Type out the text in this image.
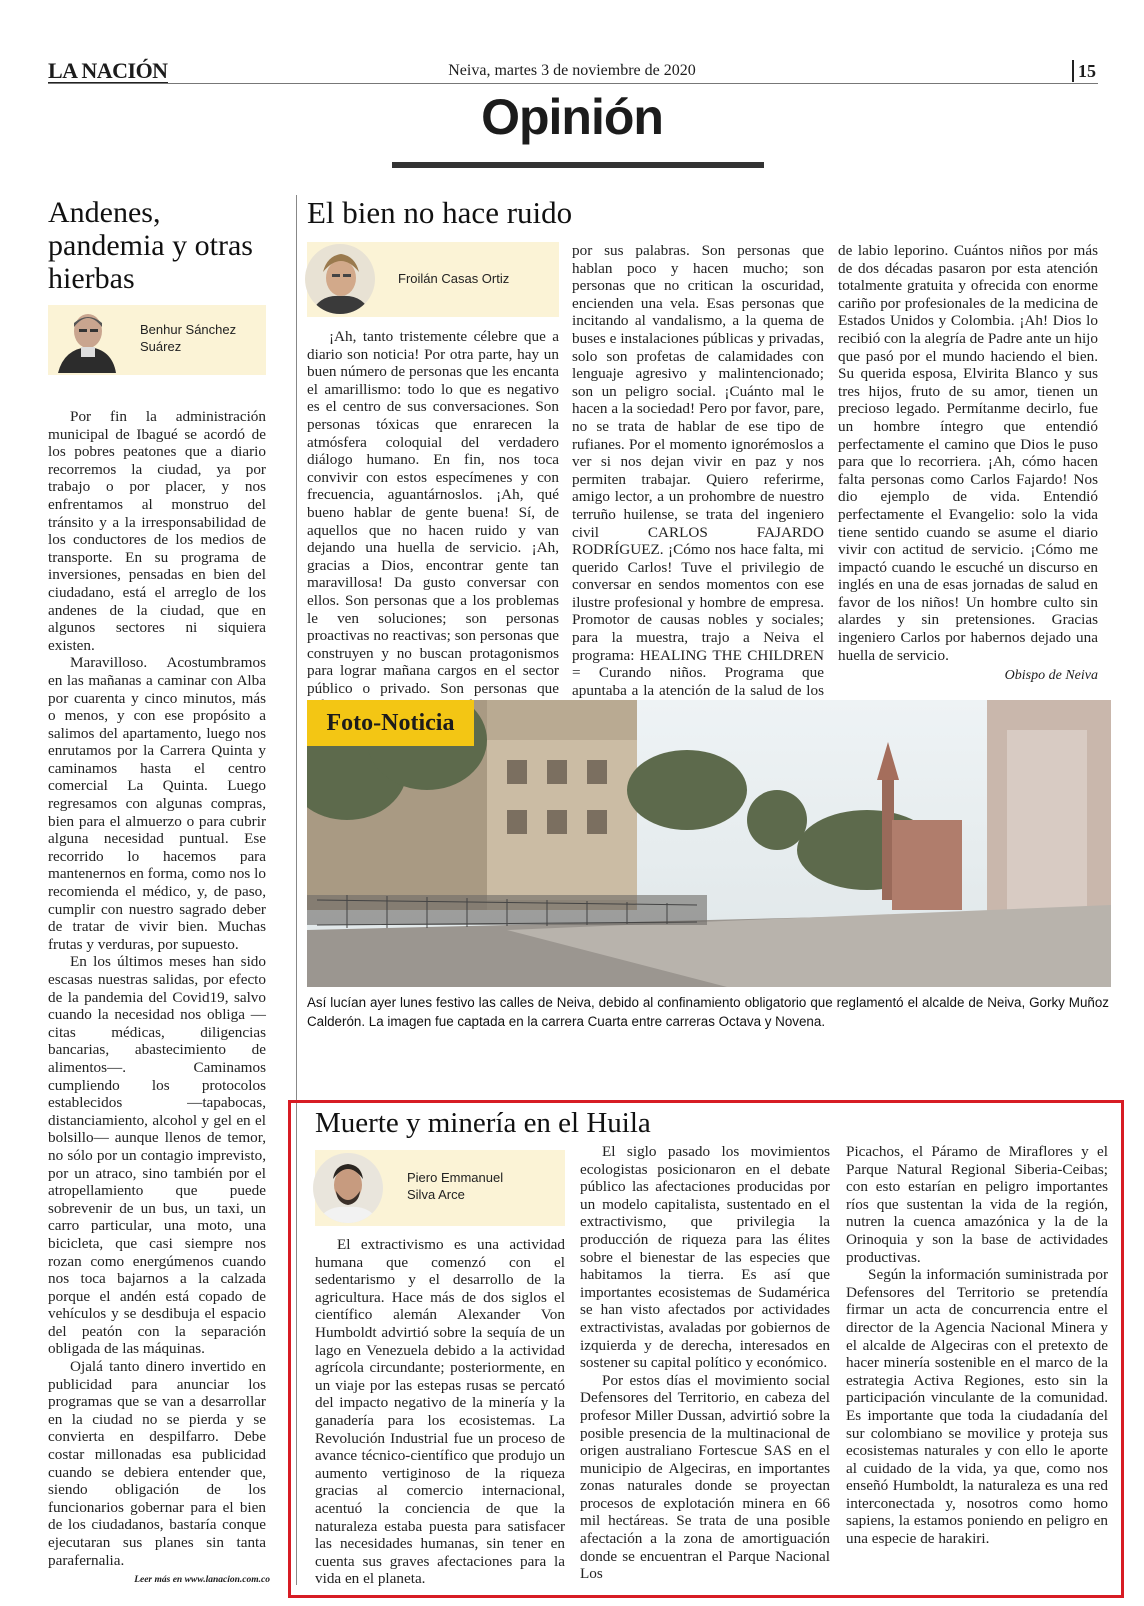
LA NACIÓN	Neiva, martes 3 de noviembre de 2020	15
Opinión
Andenes, pandemia y otras hierbas
Benhur Sánchez Suárez

Por fin la administración municipal de Ibagué se acordó de los pobres peatones que a diario recorremos la ciudad, ya por trabajo o por placer, y nos enfrentamos al monstruo del tránsito y a la irresponsabilidad de los conductores de los medios de transporte. En su programa de inversiones, pensadas en bien del ciudadano, está el arreglo de los andenes de la ciudad, que en algunos sectores ni siquiera existen.

Maravilloso. Acostumbramos en las mañanas a caminar con Alba por cuarenta y cinco minutos, más o menos, y con ese propósito a salimos del apartamento, luego nos enrutamos por la Carrera Quinta y caminamos hasta el centro comercial La Quinta. Luego regresamos con algunas compras, bien para el almuerzo o para cubrir alguna necesidad puntual. Ese recorrido lo hacemos para mantenernos en forma, como nos lo recomienda el médico, y, de paso, cumplir con nuestro sagrado deber de tratar de vivir bien. Muchas frutas y verduras, por supuesto.

En los últimos meses han sido escasas nuestras salidas, por efecto de la pandemia del Covid19, salvo cuando la necesidad nos obliga —citas médicas, diligencias bancarias, abastecimiento de alimentos—. Caminamos cumpliendo los protocolos establecidos —tapabocas, distanciamiento, alcohol y gel en el bolsillo— aunque llenos de temor, no sólo por un contagio imprevisto, por un atraco, sino también por el atropellamiento que puede sobrevenir de un bus, un taxi, un carro particular, una moto, una bicicleta, que casi siempre nos rozan como energúmenos cuando nos toca bajarnos a la calzada porque el andén está copado de vehículos y se desdibuja el espacio del peatón con la separación obligada de las máquinas.

Ojalá tanto dinero invertido en publicidad para anunciar los programas que se van a desarrollar en la ciudad no se pierda y se convierta en despilfarro. Debe costar millonadas esa publicidad cuando se debiera entender que, siendo obligación de los funcionarios gobernar para el bien de los ciudadanos, bastaría conque ejecutaran sus planes sin tanta parafernalia.

Leer más en www.lanacion.com.co
El bien no hace ruido
Froilán Casas Ortiz

¡Ah, tanto tristemente célebre que a diario son noticia! Por otra parte, hay un buen número de personas que les encanta el amarillismo: todo lo que es negativo es el centro de sus conversaciones. Son personas tóxicas que enrarecen la atmósfera coloquial del verdadero diálogo humano. En fin, nos toca convivir con estos especímenes y con frecuencia, aguantárnoslos. ¡Ah, qué bueno hablar de gente buena! Sí, de aquellos que no hacen ruido y van dejando una huella de servicio. ¡Ah, gracias a Dios, encontrar gente tan maravillosa! Da gusto conversar con ellos. Son personas que a los problemas le ven soluciones; son personas proactivas no reactivas; son personas que construyen y no buscan protagonismos para lograr mañana cargos en el sector público o privado. Son personas que

por sus palabras. Son personas que hablan poco y hacen mucho; son personas que no critican la oscuridad, encienden una vela. Esas personas que incitando al vandalismo, a la quema de buses e instalaciones públicas y privadas, solo son profetas de calamidades con lenguaje agresivo y malintencionado; son un peligro social. ¡Cuánto mal le hacen a la sociedad! Pero por favor, pare, no se trata de hablar de ese tipo de rufianes. Por el momento ignorémoslos a ver si nos dejan vivir en paz y nos permiten trabajar. Quiero referirme, amigo lector, a un prohombre de nuestro terruño huilense, se trata del ingeniero civil CARLOS FAJARDO RODRÍGUEZ. ¡Cómo nos hace falta, mi querido Carlos! Tuve el privilegio de conversar en sendos momentos con ese ilustre profesional y hombre de empresa. Promotor de causas nobles y sociales; para la muestra, trajo a Neiva el programa: HEALING THE CHILDREN = Curando niños. Programa que apuntaba a la atención de la salud de los

de labio leporino. Cuántos niños por más de dos décadas pasaron por esta atención totalmente gratuita y ofrecida con enorme cariño por profesionales de la medicina de Estados Unidos y Colombia. ¡Ah! Dios lo recibió con la alegría de Padre ante un hijo que pasó por el mundo haciendo el bien. Su querida esposa, Elvirita Blanco y sus tres hijos, fruto de su amor, tienen un precioso legado. Permítanme decirlo, fue un hombre íntegro que entendió perfectamente el camino que Dios le puso para que lo recorriera. ¡Ah, cómo hacen falta personas como Carlos Fajardo! Nos dio ejemplo de vida. Entendió perfectamente el Evangelio: solo la vida tiene sentido cuando se asume el diario vivir con actitud de servicio. ¡Cómo me impactó cuando le escuché un discurso en inglés en una de esas jornadas de salud en favor de los niños! Un hombre culto sin alardes y sin pretensiones. Gracias ingeniero Carlos por habernos dejado una huella de servicio.

Obispo de Neiva
Foto-Noticia
Así lucían ayer lunes festivo las calles de Neiva, debido al confinamiento obligatorio que reglamentó el alcalde de Neiva, Gorky Muñoz Calderón. La imagen fue captada en la carrera Cuarta entre carreras Octava y Novena.
Muerte y minería en el Huila
Piero Emmanuel
Silva Arce

El extractivismo es una actividad humana que comenzó con el sedentarismo y el desarrollo de la agricultura. Hace más de dos siglos el científico alemán Alexander Von Humboldt advirtió sobre la sequía de un lago en Venezuela debido a la actividad agrícola circundante; posteriormente, en un viaje por las estepas rusas se percató del impacto negativo de la minería y la ganadería para los ecosistemas. La Revolución Industrial fue un proceso de avance técnico-científico que produjo un aumento vertiginoso de la riqueza gracias al comercio internacional, acentuó la conciencia de que la naturaleza estaba puesta para satisfacer las necesidades humanas, sin tener en cuenta sus graves afectaciones para la vida en el planeta.

El siglo pasado los movimientos ecologistas posicionaron en el debate público las afectaciones producidas por un modelo capitalista, sustentado en el extractivismo, que privilegia la producción de riqueza para las élites sobre el bienestar de las especies que habitamos la tierra. Es así que importantes ecosistemas de Sudamérica se han visto afectados por actividades extractivistas, avaladas por gobiernos de izquierda y de derecha, interesados en sostener su capital político y económico.

Por estos días el movimiento social Defensores del Territorio, en cabeza del profesor Miller Dussan, advirtió sobre la posible presencia de la multinacional de origen australiano Fortescue SAS en el municipio de Algeciras, en importantes zonas naturales donde se proyectan procesos de explotación minera en 66 mil hectáreas. Se trata de una posible afectación a la zona de amortiguación donde se encuentran el Parque Nacional Los

Picachos, el Páramo de Miraflores y el Parque Natural Regional Siberia-Ceibas; con esto estarían en peligro importantes ríos que sustentan la vida de la región, nutren la cuenca amazónica y la de la Orinoquia y son la base de actividades productivas.

Según la información suministrada por Defensores del Territorio se pretendía firmar un acta de concurrencia entre el director de la Agencia Nacional Minera y el alcalde de Algeciras con el pretexto de hacer minería sostenible en el marco de la estrategia Activa Regiones, esto sin la participación vinculante de la comunidad. Es importante que toda la ciudadanía del sur colombiano se movilice y proteja sus ecosistemas naturales y con ello le aporte al cuidado de la vida, ya que, como nos enseñó Humboldt, la naturaleza es una red interconectada y, nosotros como homo sapiens, la estamos poniendo en peligro en una especie de harakiri.
